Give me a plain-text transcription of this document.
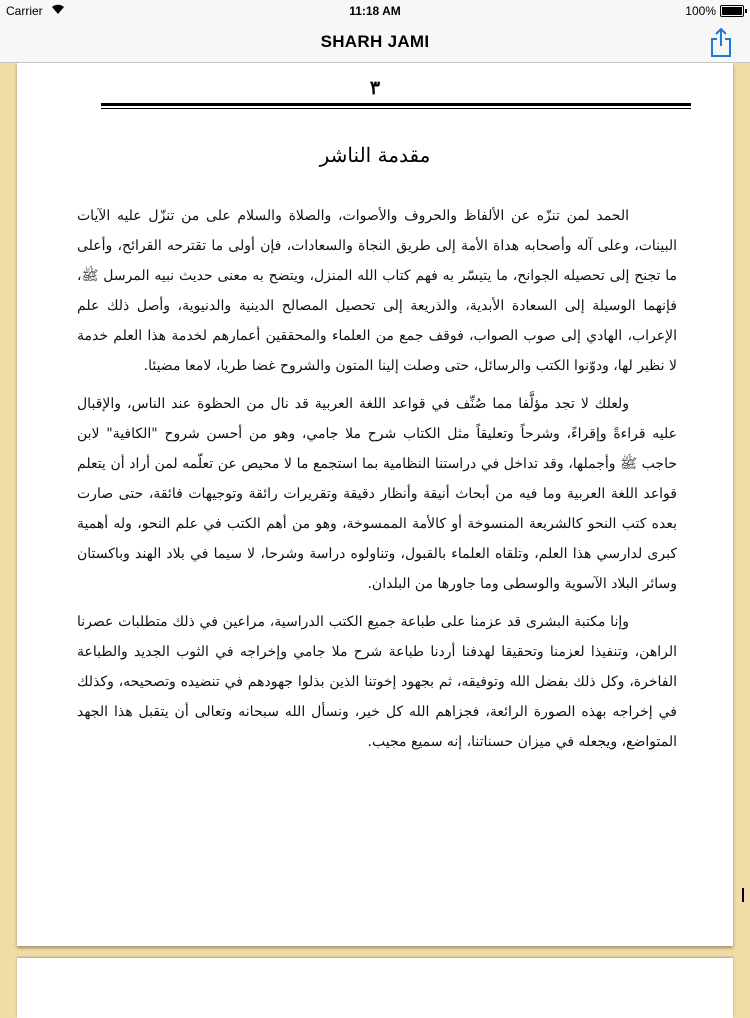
Carrier	11:18 AM	100%
SHARH JAMI
٣
مقدمة الناشر

الحمد لمن تنزّه عن الألفاظ والحروف والأصوات، والصلاة والسلام على من تنزّل عليه الآيات البينات، وعلى آله وأصحابه هداة الأمة إلى طريق النجاة والسعادات، فإن أولى ما تقترحه القرائح، وأعلى ما تجنح إلى تحصيله الجوانح، ما يتيسّر به فهم كتاب الله المنزل، ويتضح به معنى حديث نبيه المرسل ﷺ، فإنهما الوسيلة إلى السعادة الأبدية، والذريعة إلى تحصيل المصالح الدينية والدنيوية، وأصل ذلك علم الإعراب، الهادي إلى صوب الصواب، فوقف جمع من العلماء والمحققين أعمارهم لخدمة هذا العلم خدمة لا نظير لها، ودوّنوا الكتب والرسائل، حتى وصلت إلينا المتون والشروح غضا طريا، لامعا مضيئا.

ولعلك لا تجد مؤلَّفا مما صُنِّف في قواعد اللغة العربية قد نال من الحظوة عند الناس، والإقبال عليه قراءةً وإقراءً، وشرحاً وتعليقاً مثل الكتاب شرح ملا جامي، وهو من أحسن شروح "الكافية" لابن حاجب ﷺ وأجملها، وقد تداخل في دراستنا النظامية بما استجمع ما لا محيص عن تعلّمه لمن أراد أن يتعلم قواعد اللغة العربية وما فيه من أبحاث أنيقة وأنظار دقيقة وتقريرات رائقة وتوجيهات فائقة، حتى صارت بعده كتب النحو كالشريعة المنسوخة أو كالأمة الممسوخة، وهو من أهم الكتب في علم النحو، وله أهمية كبرى لدارسي هذا العلم، وتلقاه العلماء بالقبول، وتناولوه دراسة وشرحا، لا سيما في بلاد الهند وباكستان وسائر البلاد الآسوية والوسطى وما جاورها من البلدان.

وإنا مكتبة البشرى قد عزمنا على طباعة جميع الكتب الدراسية، مراعين في ذلك متطلبات عصرنا الراهن، وتنفيذا لعزمنا وتحقيقا لهدفنا أردنا طباعة شرح ملا جامي وإخراجه في الثوب الجديد والطباعة الفاخرة، وكل ذلك بفضل الله وتوفيقه، ثم بجهود إخوتنا الذين بذلوا جهودهم في تنضيده وتصحيحه، وكذلك في إخراجه بهذه الصورة الرائعة، فجزاهم الله كل خير، ونسأل الله سبحانه وتعالى أن يتقبل هذا الجهد المتواضع، ويجعله في ميزان حسناتنا، إنه سميع مجيب.
